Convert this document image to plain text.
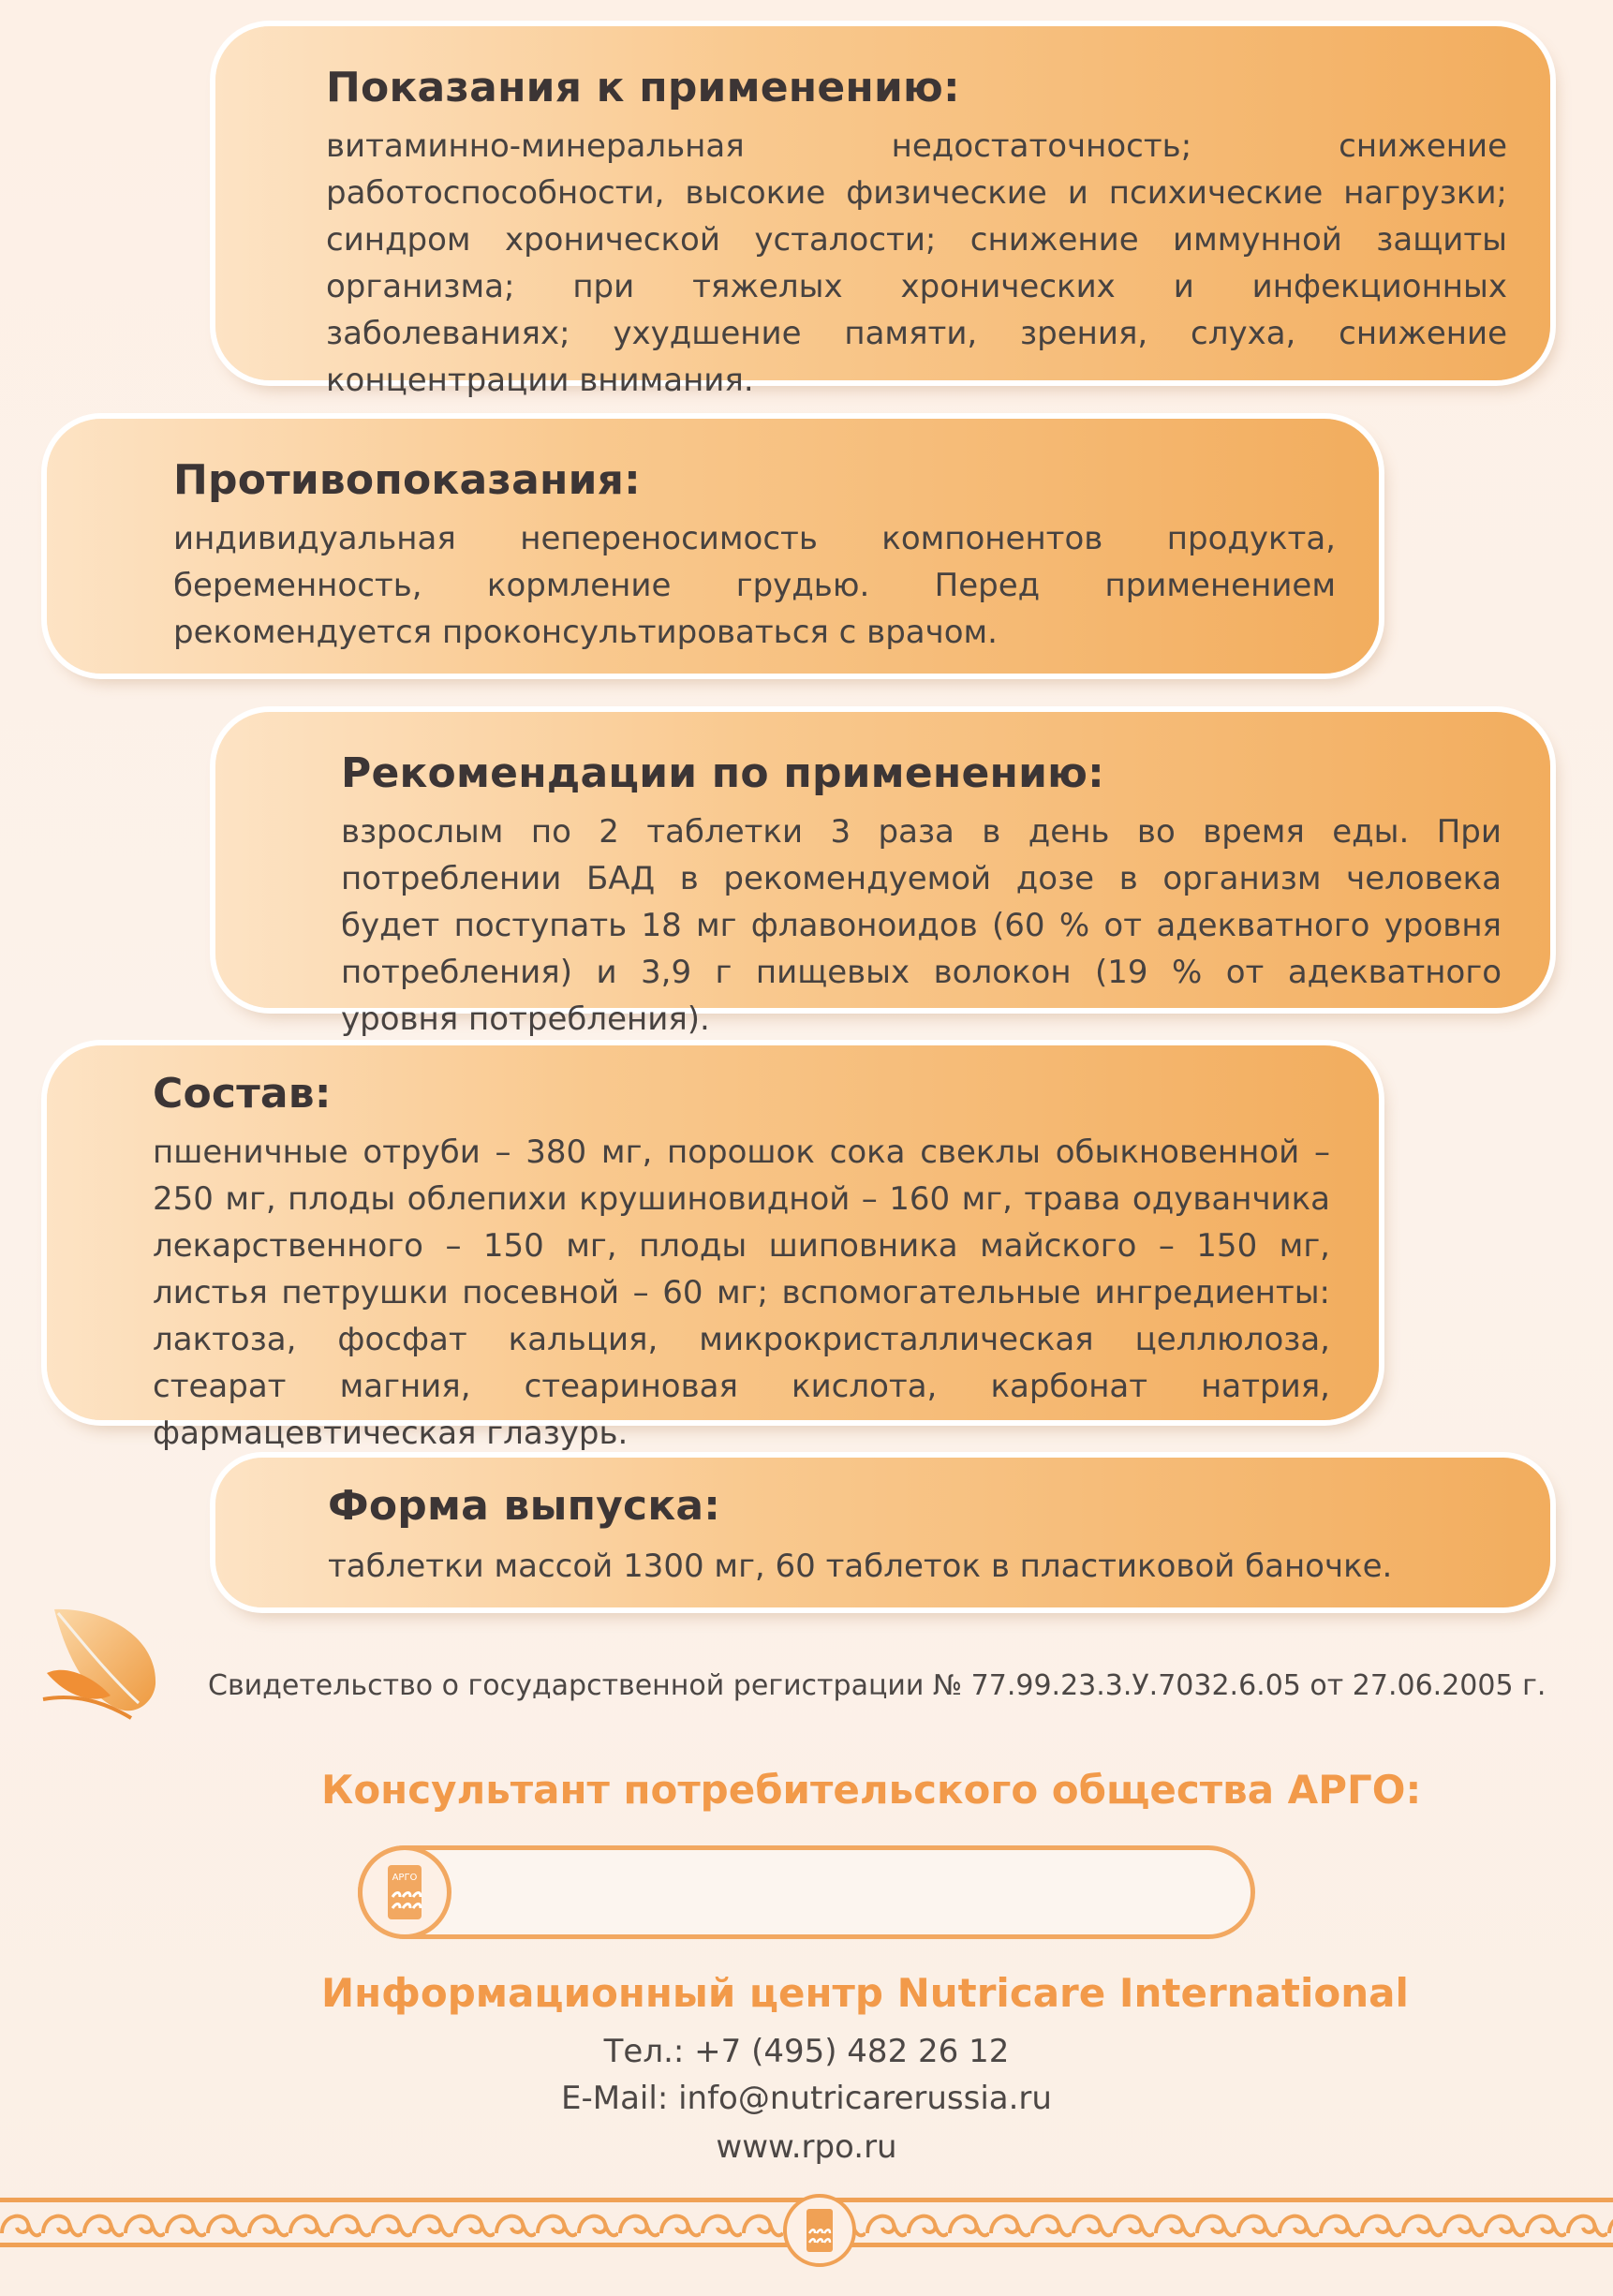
Показания к применению:

витаминно-минеральная недостаточность; снижение работоспособности, высокие физические и психические нагрузки; синдром хронической усталости; снижение иммунной защиты организма; при тяжелых хронических и инфекционных заболеваниях; ухудшение памяти, зрения, слуха, снижение концентрации внимания.

Противопоказания:

индивидуальная непереносимость компонентов продукта, беременность, кормление грудью. Перед применением рекомендуется проконсультироваться с врачом.

Рекомендации по применению:

взрослым по 2 таблетки 3 раза в день во время еды. При потреблении БАД в рекомендуемой дозе в организм человека будет поступать 18 мг флавоноидов (60 % от адекватного уровня потребления) и 3,9 г пищевых волокон (19 % от адекватного уровня потребления).

Состав:

пшеничные отруби – 380 мг, порошок сока свеклы обыкновенной – 250 мг, плоды облепихи крушиновидной – 160 мг, трава одуванчика лекарственного – 150 мг, плоды шиповника майского – 150 мг, листья петрушки посевной – 60 мг; вспомогательные ингредиенты: лактоза, фосфат кальция, микрокристаллическая целлюлоза, стеарат магния, стеариновая кислота, карбонат натрия, фармацевтическая глазурь.

Форма выпуска:

таблетки массой 1300 мг, 60 таблеток в пластиковой баночке.

Свидетельство о государственной регистрации № 77.99.23.3.У.7032.6.05 от 27.06.2005 г.
Консультант потребительского общества АРГО:
АРГО
Информационный центр Nutricare International
Тел.: +7 (495) 482 26 12
E-Mail: info@nutricarerussia.ru
www.rpo.ru
